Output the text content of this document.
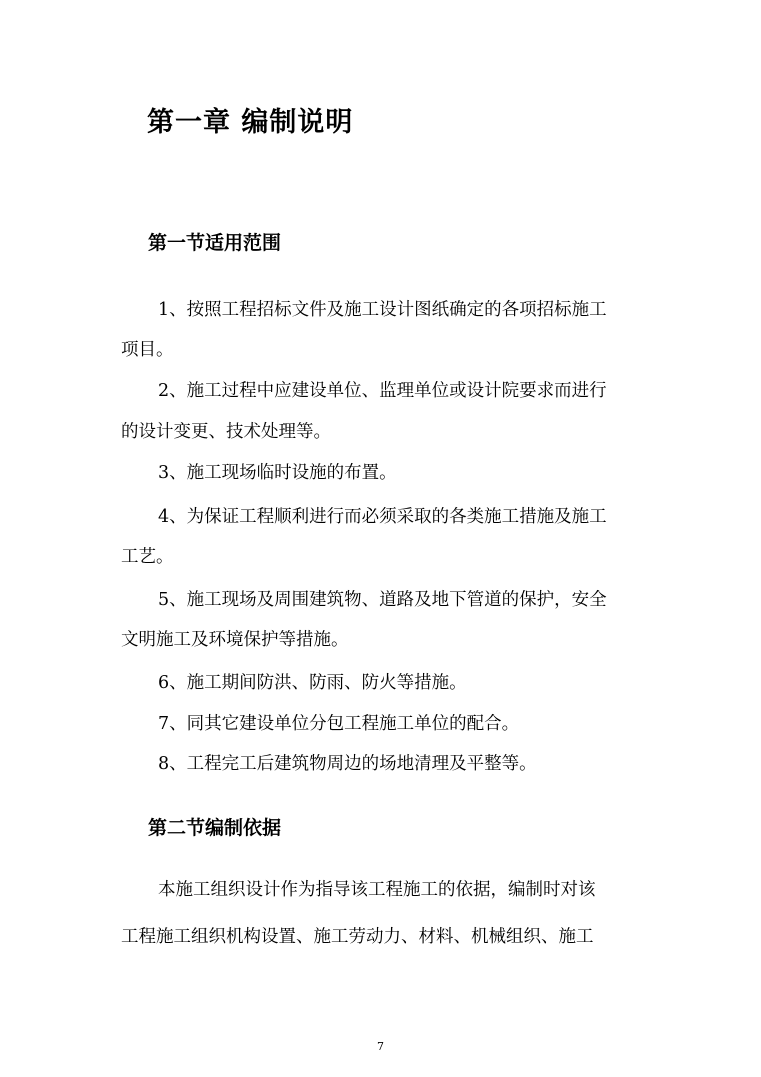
第一章 编制说明
第一节适用范围
1、按照工程招标文件及施工设计图纸确定的各项招标施工
项目。
2、施工过程中应建设单位、监理单位或设计院要求而进行
的设计变更、技术处理等。
3、施工现场临时设施的布置。
4、为保证工程顺利进行而必须采取的各类施工措施及施工
工艺。
5、施工现场及周围建筑物、道路及地下管道的保护，安全
文明施工及环境保护等措施。
6、施工期间防洪、防雨、防火等措施。
7、同其它建设单位分包工程施工单位的配合。
8、工程完工后建筑物周边的场地清理及平整等。
第二节编制依据
本施工组织设计作为指导该工程施工的依据，编制时对该
工程施工组织机构设置、施工劳动力、材料、机械组织、施工
7
